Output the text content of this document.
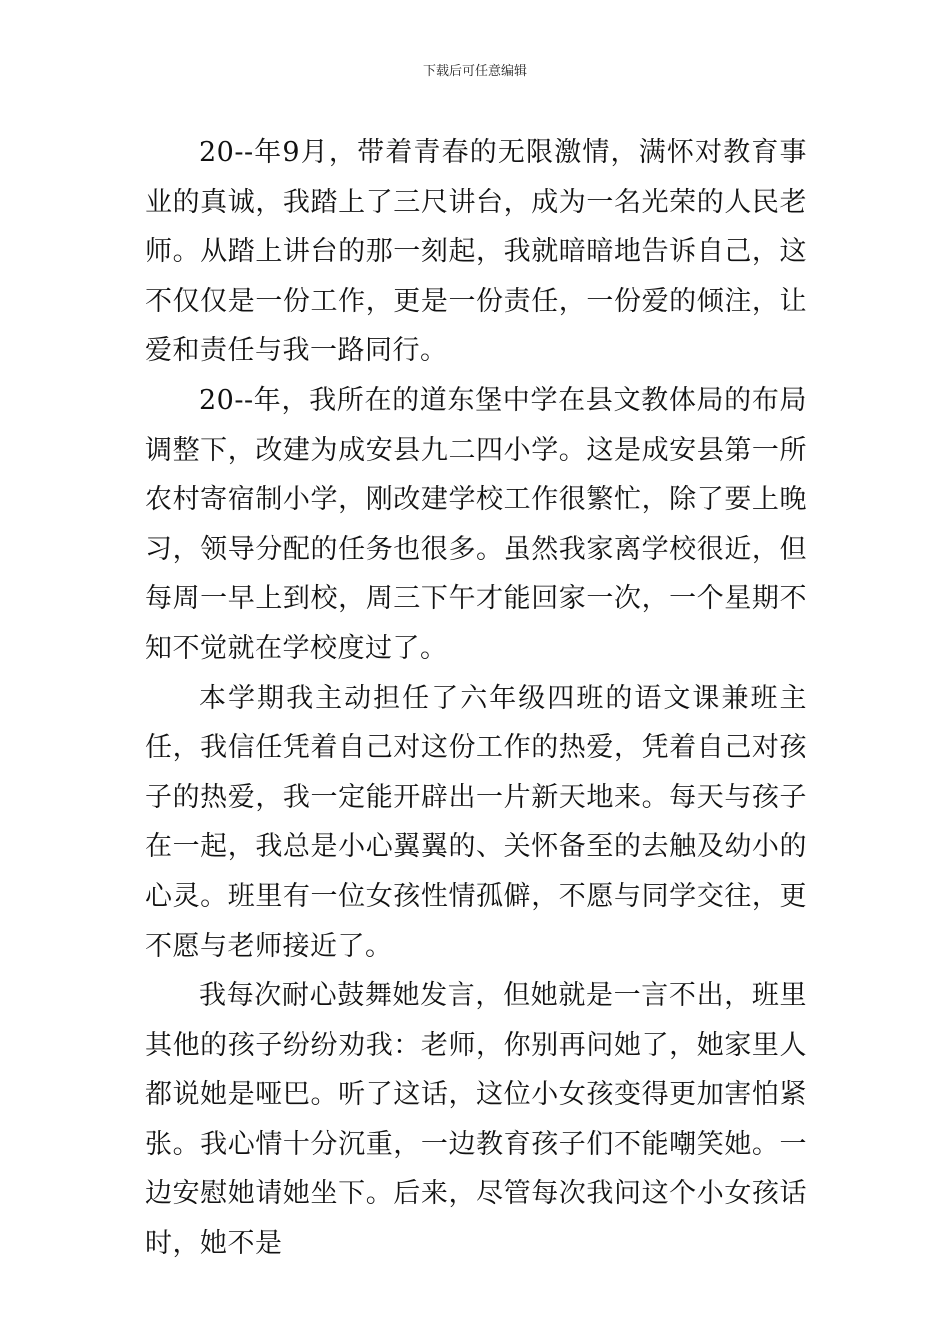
下载后可任意编辑

20--年9月，带着青春的无限激情，满怀对教育事业的真诚，我踏上了三尺讲台，成为一名光荣的人民老师。从踏上讲台的那一刻起，我就暗暗地告诉自己，这不仅仅是一份工作，更是一份责任，一份爱的倾注，让爱和责任与我一路同行。

20--年，我所在的道东堡中学在县文教体局的布局调整下，改建为成安县九二四小学。这是成安县第一所农村寄宿制小学，刚改建学校工作很繁忙，除了要上晚习，领导分配的任务也很多。虽然我家离学校很近，但每周一早上到校，周三下午才能回家一次，一个星期不知不觉就在学校度过了。

本学期我主动担任了六年级四班的语文课兼班主任，我信任凭着自己对这份工作的热爱，凭着自己对孩子的热爱，我一定能开辟出一片新天地来。每天与孩子在一起，我总是小心翼翼的、关怀备至的去触及幼小的心灵。班里有一位女孩性情孤僻，不愿与同学交往，更不愿与老师接近了。

我每次耐心鼓舞她发言，但她就是一言不出，班里其他的孩子纷纷劝我：老师，你别再问她了，她家里人都说她是哑巴。听了这话，这位小女孩变得更加害怕紧张。我心情十分沉重，一边教育孩子们不能嘲笑她。一边安慰她请她坐下。后来，尽管每次我问这个小女孩话时，她不是
